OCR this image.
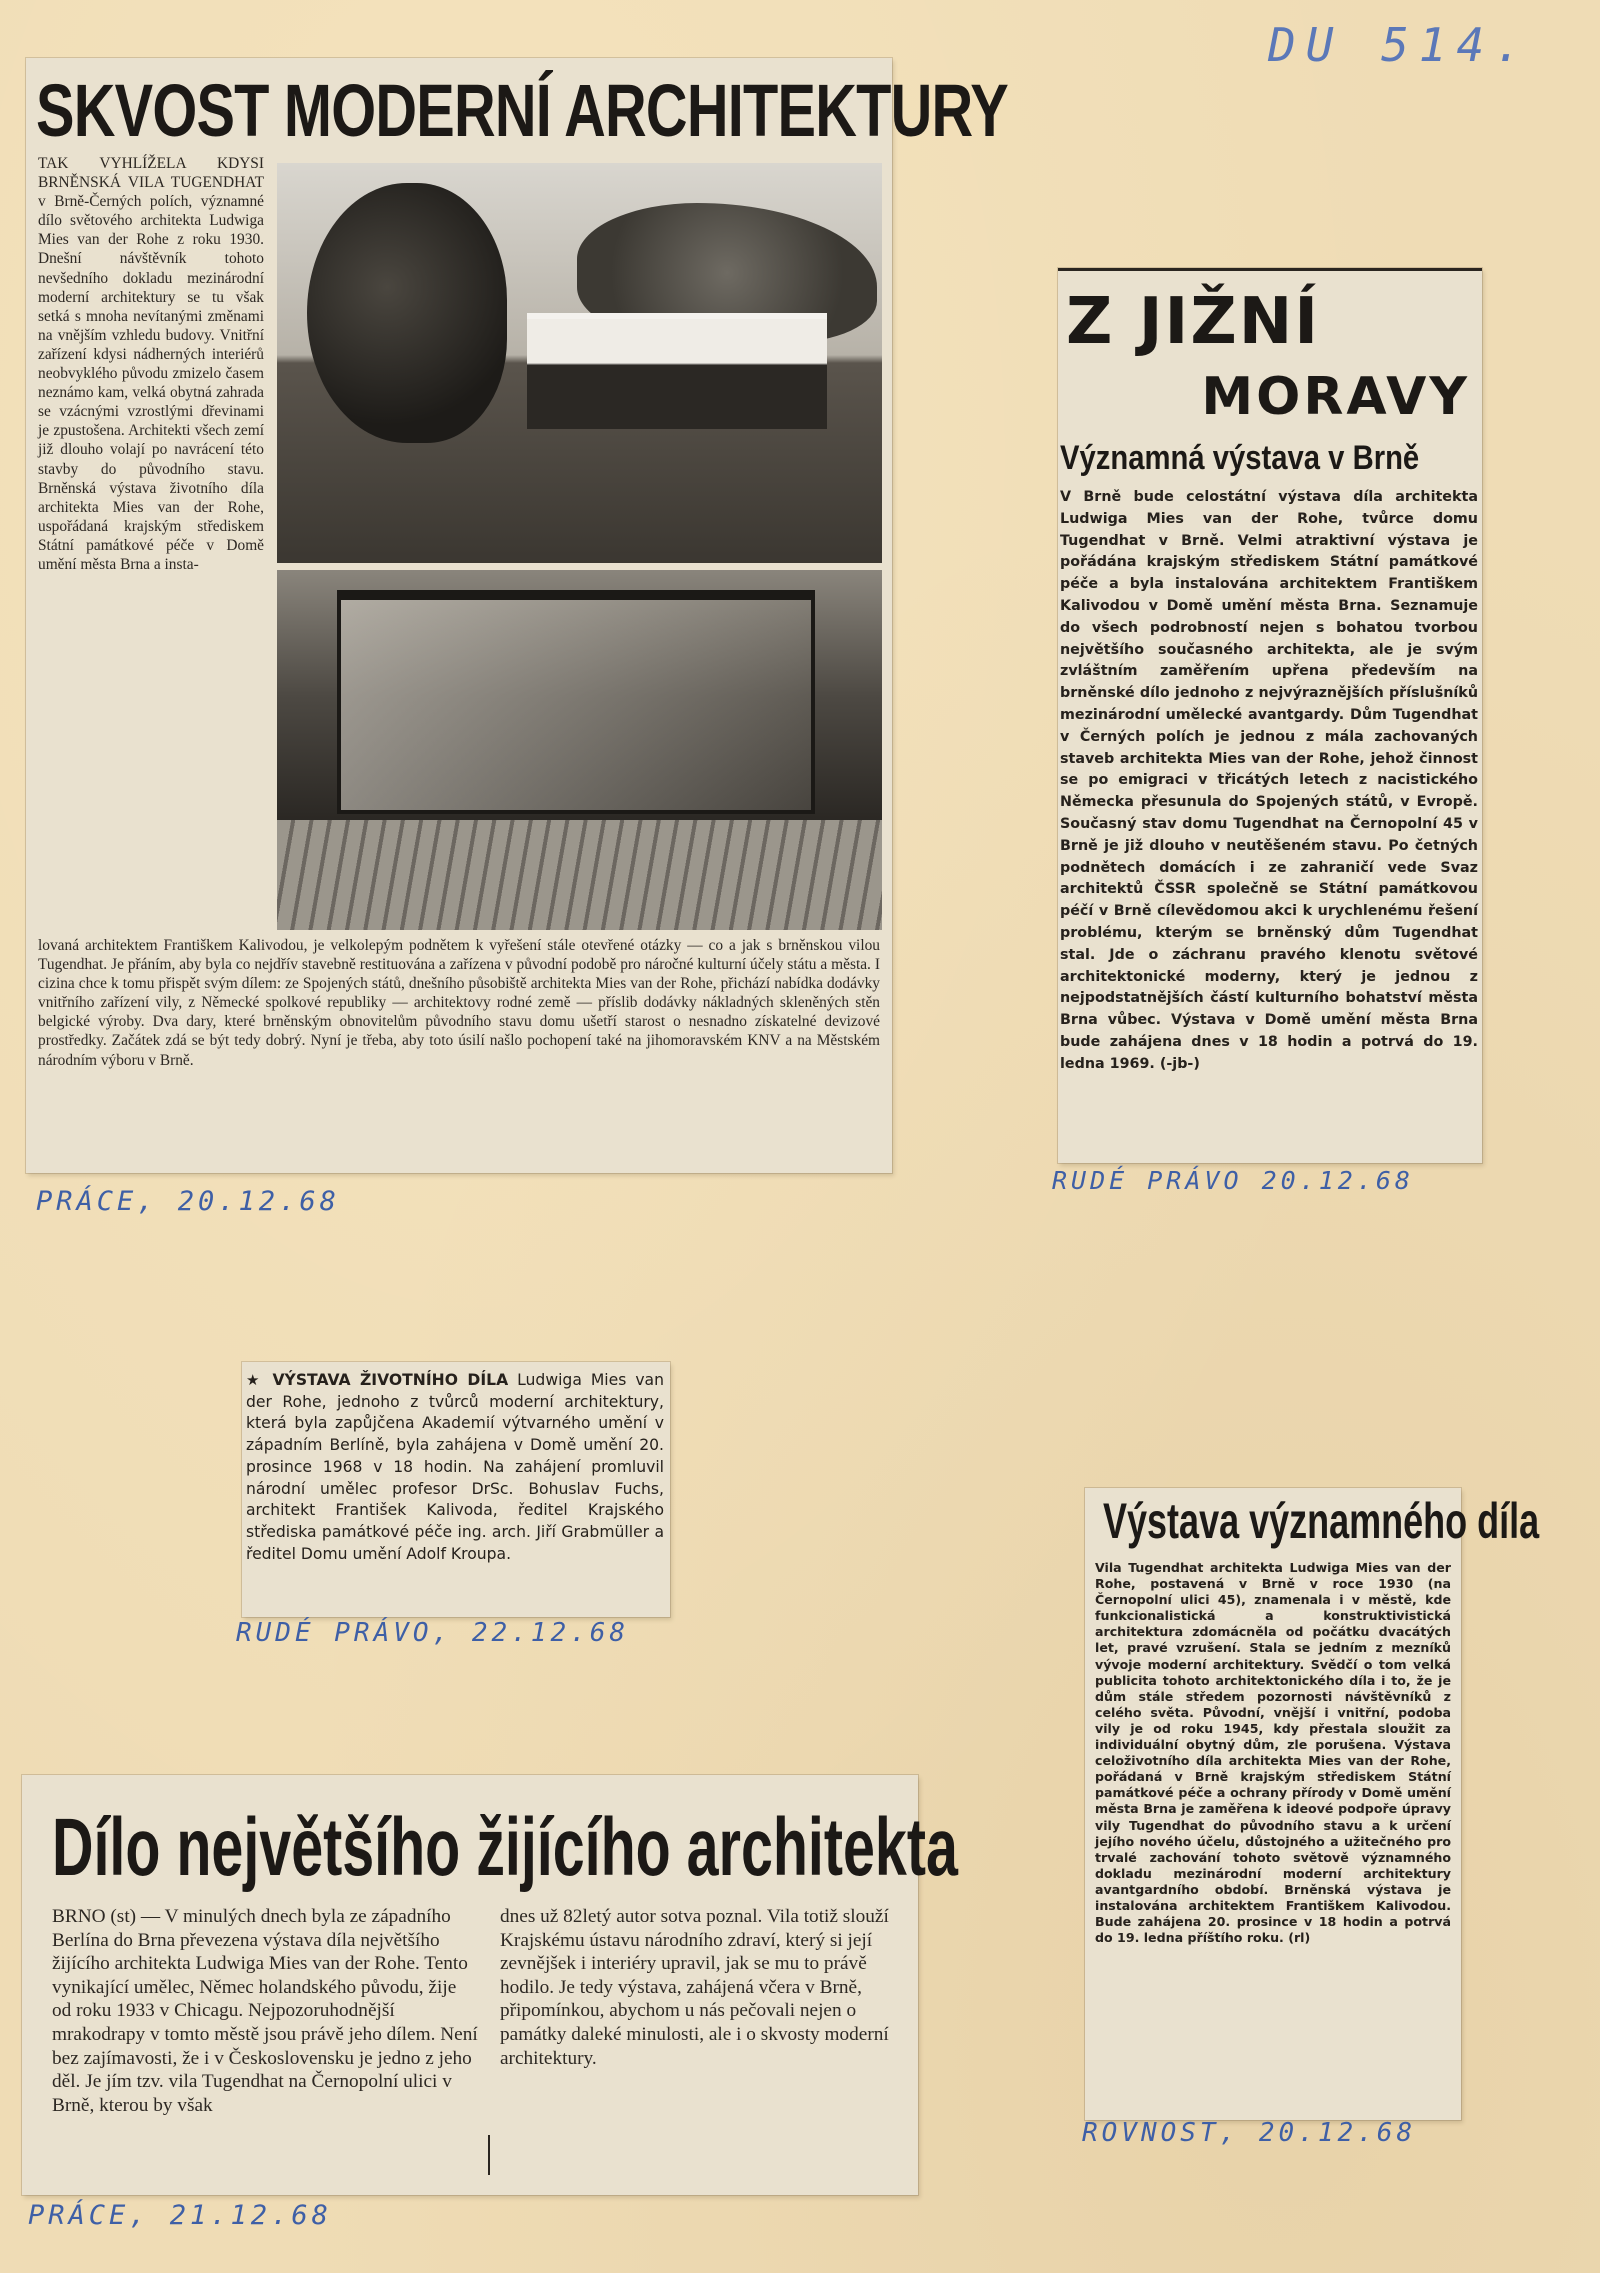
DU 514.
SKVOST MODERNÍ ARCHITEKTURY

TAK VYHLÍŽELA KDYSI BRNĚNSKÁ VILA TUGENDHAT v Brně-Černých polích, významné dílo světového architekta Ludwiga Mies van der Rohe z roku 1930. Dnešní návštěvník tohoto nevšedního dokladu mezinárodní moderní architektury se tu však setká s mnoha nevítanými změnami na vnějším vzhledu budovy. Vnitřní zařízení kdysi nádherných interiérů neobvyklého původu zmizelo časem neznámo kam, velká obytná zahrada se vzácnými vzrostlými dřevinami je zpustošena. Architekti všech zemí již dlouho volají po navrácení této stavby do původního stavu. Brněnská výstava životního díla architekta Mies van der Rohe, uspořádaná krajským střediskem Státní památkové péče v Domě umění města Brna a insta-

lovaná architektem Františkem Kalivodou, je velkolepým podnětem k vyřešení stále otevřené otázky — co a jak s brněnskou vilou Tugendhat. Je přáním, aby byla co nejdřív stavebně restituována a zařízena v původní podobě pro náročné kulturní účely státu a města. I cizina chce k tomu přispět svým dílem: ze Spojených států, dnešního působiště architekta Mies van der Rohe, přichází nabídka dodávky vnitřního zařízení vily, z Německé spolkové republiky — architektovy rodné země — příslib dodávky nákladných skleněných stěn belgické výroby. Dva dary, které brněnským obnovitelům původního stavu domu ušetří starost o nesnadno získatelné devizové prostředky. Začátek zdá se být tedy dobrý. Nyní je třeba, aby toto úsilí našlo pochopení také na jihomoravském KNV a na Městském národním výboru v Brně.

PRÁCE, 20.12.68
Z JIŽNÍ
MORAVY
Významná výstava v Brně

V Brně bude celostátní výstava díla architekta Ludwiga Mies van der Rohe, tvůrce domu Tugendhat v Brně. Velmi atraktivní výstava je pořádána krajským střediskem Státní památkové péče a byla instalována architektem Františkem Kalivodou v Domě umění města Brna. Seznamuje do všech podrobností nejen s bohatou tvorbou největšího současného architekta, ale je svým zvláštním zaměřením upřena především na brněnské dílo jednoho z nejvýraznějších příslušníků mezinárodní umělecké avantgardy. Dům Tugendhat v Černých polích je jednou z mála zachovaných staveb architekta Mies van der Rohe, jehož činnost se po emigraci v třicátých letech z nacistického Německa přesunula do Spojených států, v Evropě. Současný stav domu Tugendhat na Černopolní 45 v Brně je již dlouho v neutěšeném stavu. Po četných podnětech domácích i ze zahraničí vede Svaz architektů ČSSR společně se Státní památkovou péčí v Brně cílevědomou akci k urychlenému řešení problému, kterým se brněnský dům Tugendhat stal. Jde o záchranu pravého klenotu světové architektonické moderny, který je jednou z nejpodstatnějších částí kulturního bohatství města Brna vůbec. Výstava v Domě umění města Brna bude zahájena dnes v 18 hodin a potrvá do 19. ledna 1969. (-jb-)

RUDÉ PRÁVO 20.12.68

★ VÝSTAVA ŽIVOTNÍHO DÍLA Ludwiga Mies van der Rohe, jednoho z tvůrců moderní architektury, která byla zapůjčena Akademií výtvarného umění v západním Berlíně, byla zahájena v Domě umění 20. prosince 1968 v 18 hodin. Na zahájení promluvil národní umělec profesor DrSc. Bohuslav Fuchs, architekt František Kalivoda, ředitel Krajského střediska památkové péče ing. arch. Jiří Grabmüller a ředitel Domu umění Adolf Kroupa.

RUDÉ PRÁVO, 22.12.68
Výstava významného díla

Vila Tugendhat architekta Ludwiga Mies van der Rohe, postavená v Brně v roce 1930 (na Černopolní ulici 45), znamenala i v městě, kde funkcionalistická a konstruktivistická architektura zdomácněla od počátku dvacátých let, pravé vzrušení. Stala se jedním z mezníků vývoje moderní architektury. Svědčí o tom velká publicita tohoto architektonického díla i to, že je dům stále středem pozornosti návštěvníků z celého světa. Původní, vnější i vnitřní, podoba vily je od roku 1945, kdy přestala sloužit za individuální obytný dům, zle porušena. Výstava celoživotního díla architekta Mies van der Rohe, pořádaná v Brně krajským střediskem Státní památkové péče a ochrany přírody v Domě umění města Brna je zaměřena k ideové podpoře úpravy vily Tugendhat do původního stavu a k určení jejího nového účelu, důstojného a užitečného pro trvalé zachování tohoto světově významného dokladu mezinárodní moderní architektury avantgardního období. Brněnská výstava je instalována architektem Františkem Kalivodou. Bude zahájena 20. prosince v 18 hodin a potrvá do 19. ledna příštího roku. (rl)

ROVNOST, 20.12.68
Dílo největšího žijícího architekta

BRNO (st) — V minulých dnech byla ze západního Berlína do Brna převezena výstava díla největšího žijícího architekta Ludwiga Mies van der Rohe. Tento vynikající umělec, Němec holandského původu, žije od roku 1933 v Chicagu. Nejpozoruhodnější mrakodrapy v tomto městě jsou právě jeho dílem. Není bez zajímavosti, že i v Československu je jedno z jeho děl. Je jím tzv. vila Tugendhat na Černopolní ulici v Brně, kterou by však

dnes už 82letý autor sotva poznal. Vila totiž slouží Krajskému ústavu národního zdraví, který si její zevnějšek i interiéry upravil, jak se mu to právě hodilo. Je tedy výstava, zahájená včera v Brně, připomínkou, abychom u nás pečovali nejen o památky daleké minulosti, ale i o skvosty moderní architektury.

PRÁCE, 21.12.68
